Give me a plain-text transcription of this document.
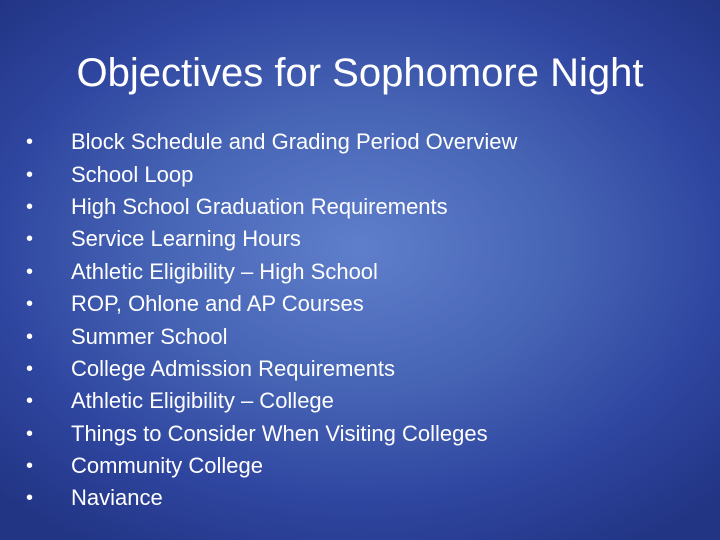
Objectives for Sophomore Night
•	Block Schedule and Grading Period Overview
•	School Loop
•	High School Graduation Requirements
•	Service Learning Hours
•	Athletic Eligibility – High School
•	ROP, Ohlone and AP Courses
•	Summer School
•	College Admission Requirements
•	Athletic Eligibility – College
•	Things to Consider When Visiting Colleges
•	Community College
•	Naviance
